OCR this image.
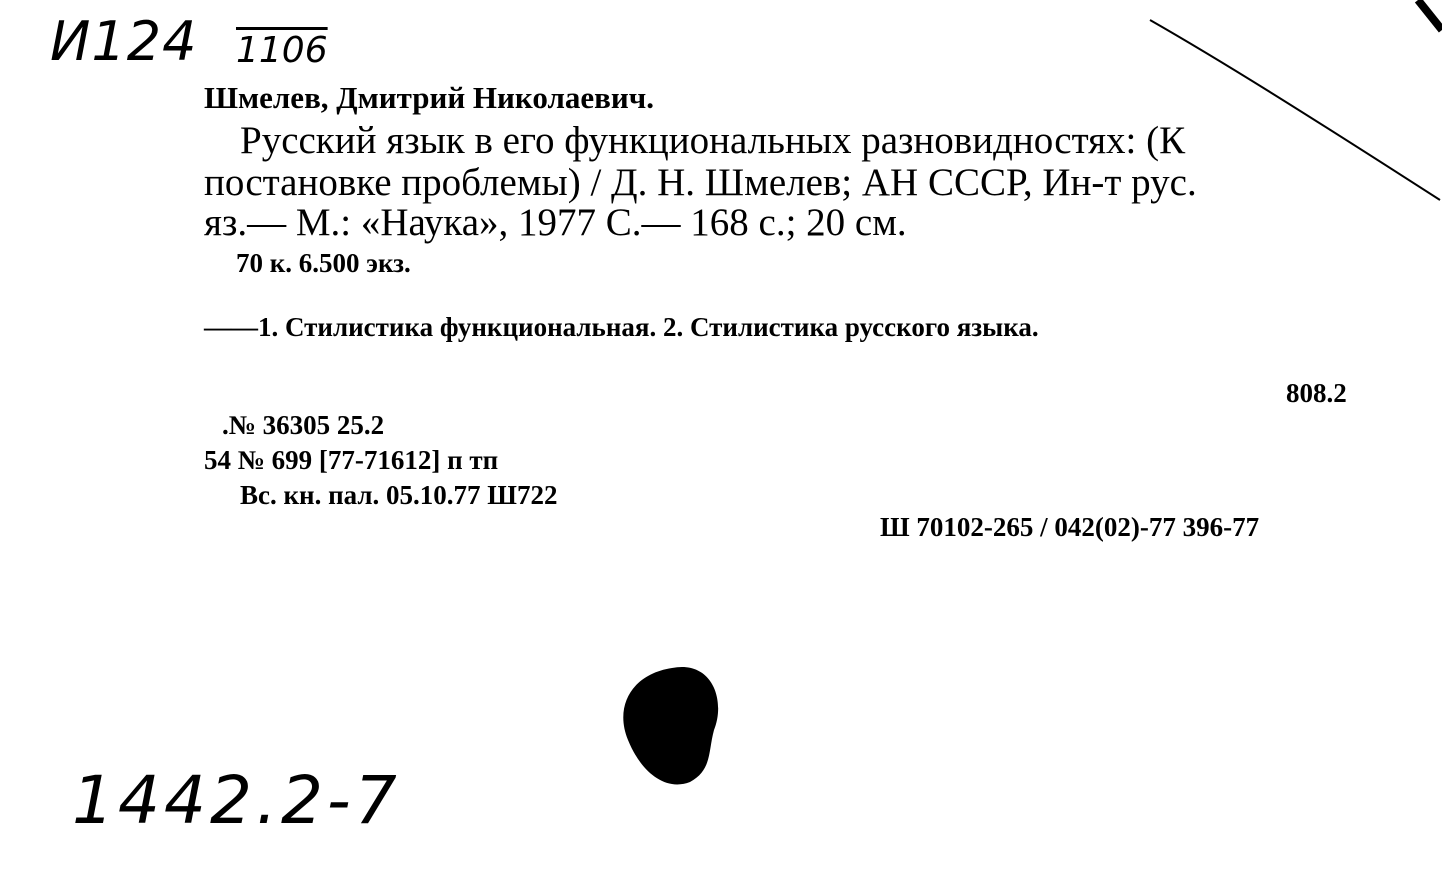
И124 1106
Шмелев, Дмитрий Николаевич.
Русский язык в его функциональных разновидностях: (К
постановке проблемы) / Д. Н. Шмелев; АН СССР, Ин-т рус.
яз.— М.: «Наука», 1977 С.— 168 с.; 20 см.
70 к. 6.500 экз.
——1. Стилистика функциональная. 2. Стилистика русского языка.
808.2
.№ 36305 25.2
54 № 699 [77-71612] п тп
Вс. кн. пал. 05.10.77 Ш722
Ш 70102-265 / 042(02)-77 396-77
1442.2-7
